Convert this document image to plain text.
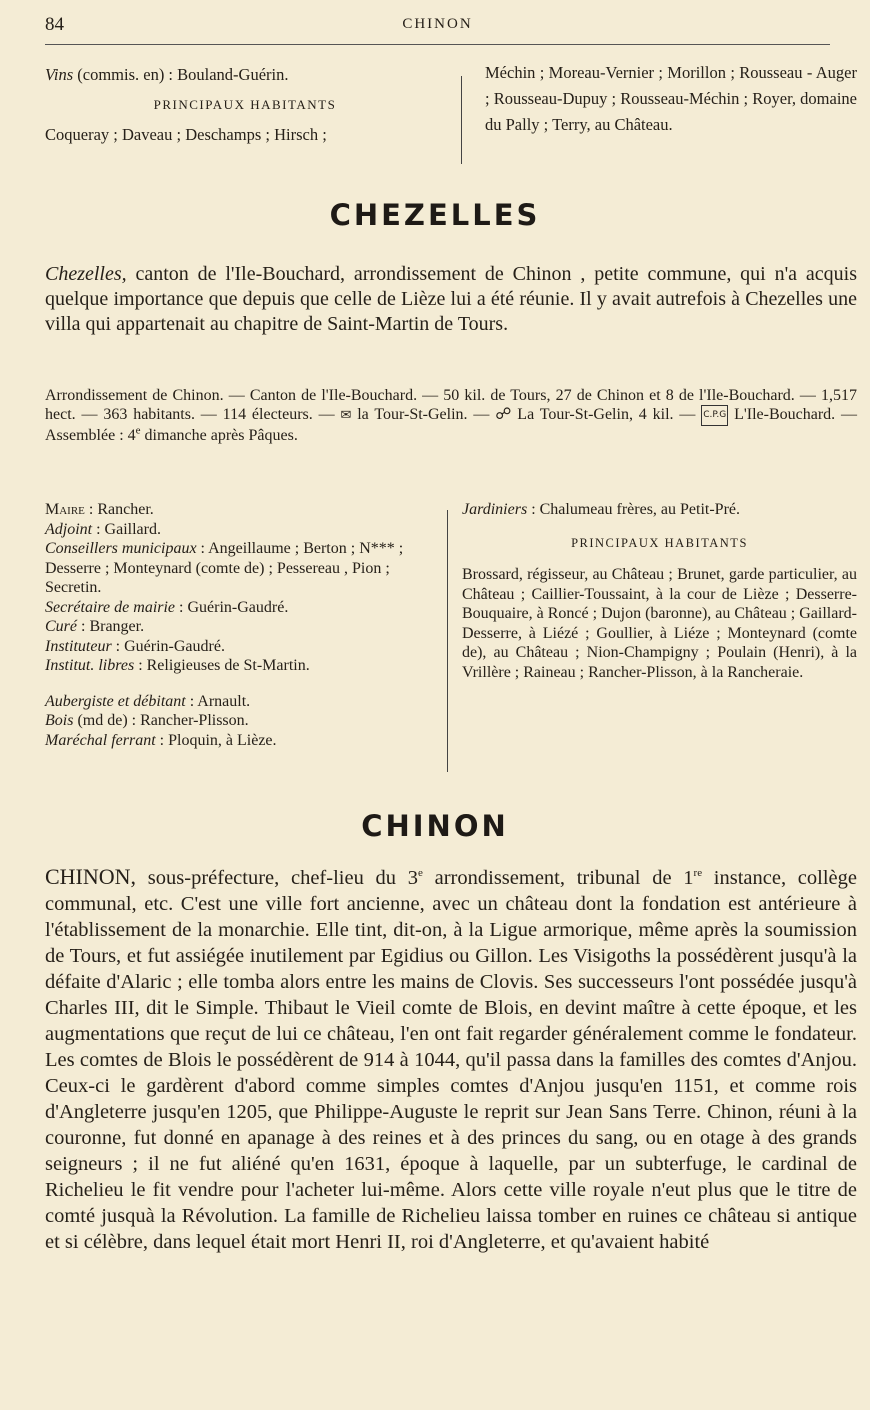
84	CHINON
Vins (commis. en) : Bouland-Guérin.

PRINCIPAUX HABITANTS

Coqueray ; Daveau ; Deschamps ; Hirsch ;
Méchin ; Moreau-Vernier ; Morillon ; Rousseau - Auger ; Rousseau-Dupuy ; Rousseau-Méchin ; Royer, domaine du Pally ; Terry, au Château.
CHEZELLES
Chezelles, canton de l'Ile-Bouchard, arrondissement de Chinon , petite commune, qui n'a acquis quelque importance que depuis que celle de Lièze lui a été réunie. Il y avait autrefois à Chezelles une villa qui appartenait au chapitre de Saint-Martin de Tours.
Arrondissement de Chinon. — Canton de l'Ile-Bouchard. — 50 kil. de Tours, 27 de Chinon et 8 de l'Ile-Bouchard. — 1,517 hect. — 363 habitants. — 114 électeurs. — ✉ la Tour-St-Gelin. — ☍ La Tour-St-Gelin, 4 kil. — C.P.G L'Ile-Bouchard. — Assemblée : 4e dimanche après Pâques.

Maire : Rancher.

Adjoint : Gaillard.

Conseillers municipaux : Angeillaume ; Berton ; N*** ; Desserre ; Monteynard (comte de) ; Pessereau , Pion ; Secretin.

Secrétaire de mairie : Guérin-Gaudré.

Curé : Branger.

Instituteur : Guérin-Gaudré.

Institut. libres : Religieuses de St-Martin.

Aubergiste et débitant : Arnault.

Bois (md de) : Rancher-Plisson.

Maréchal ferrant : Ploquin, à Lièze.

Jardiniers : Chalumeau frères, au Petit-Pré.

PRINCIPAUX HABITANTS

Brossard, régisseur, au Château ; Brunet, garde particulier, au Château ; Caillier-Toussaint, à la cour de Lièze ; Desserre-Bouquaire, à Roncé ; Dujon (baronne), au Château ; Gaillard-Desserre, à Liézé ; Goullier, à Liéze ; Monteynard (comte de), au Château ; Nion-Champigny ; Poulain (Henri), à la Vrillère ; Raineau ; Rancher-Plisson, à la Rancheraie.

CHINON
CHINON, sous-préfecture, chef-lieu du 3e arrondissement, tribunal de 1re instance, collège communal, etc. C'est une ville fort ancienne, avec un château dont la fondation est antérieure à l'établissement de la monarchie. Elle tint, dit-on, à la Ligue armorique, même après la soumission de Tours, et fut assiégée inutilement par Egidius ou Gillon. Les Visigoths la possédèrent jusqu'à la défaite d'Alaric ; elle tomba alors entre les mains de Clovis. Ses successeurs l'ont possédée jusqu'à Charles III, dit le Simple. Thibaut le Vieil comte de Blois, en devint maître à cette époque, et les augmentations que reçut de lui ce château, l'en ont fait regarder généralement comme le fondateur. Les comtes de Blois le possédèrent de 914 à 1044, qu'il passa dans la familles des comtes d'Anjou. Ceux-ci le gardèrent d'abord comme simples comtes d'Anjou jusqu'en 1151, et comme rois d'Angleterre jusqu'en 1205, que Philippe-Auguste le reprit sur Jean Sans Terre. Chinon, réuni à la couronne, fut donné en apanage à des reines et à des princes du sang, ou en otage à des grands seigneurs ; il ne fut aliéné qu'en 1631, époque à laquelle, par un subterfuge, le cardinal de Richelieu le fit vendre pour l'acheter lui-même. Alors cette ville royale n'eut plus que le titre de comté jusquà la Révolution. La famille de Richelieu laissa tomber en ruines ce château si antique et si célèbre, dans lequel était mort Henri II, roi d'Angleterre, et qu'avaient habité
